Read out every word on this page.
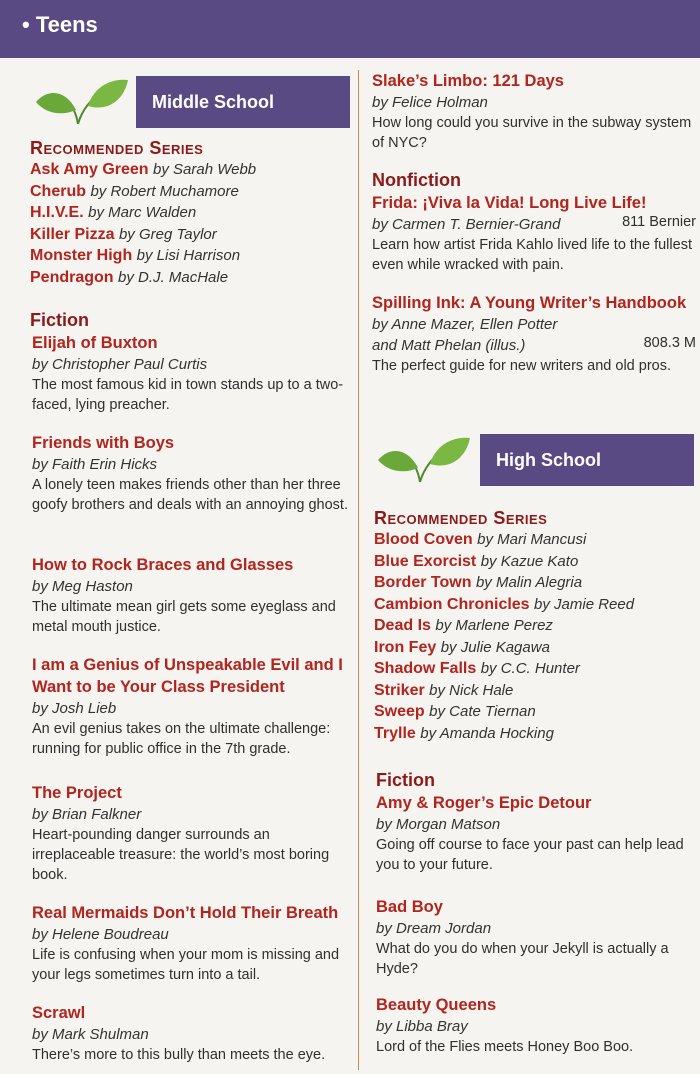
• Teens
Middle School
Recommended Series
Ask Amy Green by Sarah Webb
Cherub by Robert Muchamore
H.I.V.E. by Marc Walden
Killer Pizza by Greg Taylor
Monster High by Lisi Harrison
Pendragon by D.J. MacHale
Fiction
Elijah of Buxton
by Christopher Paul Curtis
The most famous kid in town stands up to a two-faced, lying preacher.
Friends with Boys
by Faith Erin Hicks
A lonely teen makes friends other than her three goofy brothers and deals with an annoying ghost.
How to Rock Braces and Glasses
by Meg Haston
The ultimate mean girl gets some eyeglass and metal mouth justice.
I am a Genius of Unspeakable Evil and I Want to be Your Class President
by Josh Lieb
An evil genius takes on the ultimate challenge: running for public office in the 7th grade.
The Project
by Brian Falkner
Heart-pounding danger surrounds an irreplaceable treasure: the world’s most boring book.
Real Mermaids Don’t Hold Their Breath
by Helene Boudreau
Life is confusing when your mom is missing and your legs sometimes turn into a tail.
Scrawl
by Mark Shulman
There’s more to this bully than meets the eye.
Slake’s Limbo: 121 Days
by Felice Holman
How long could you survive in the subway system of NYC?
Nonfiction
Frida: ¡Viva la Vida! Long Live Life!
by Carmen T. Bernier-Grand	811 Bernier
Learn how artist Frida Kahlo lived life to the fullest even while wracked with pain.
Spilling Ink: A Young Writer’s Handbook
by Anne Mazer, Ellen Potter
and Matt Phelan (illus.)	808.3 M
The perfect guide for new writers and old pros.
High School
Recommended Series
Blood Coven by Mari Mancusi
Blue Exorcist by Kazue Kato
Border Town by Malin Alegria
Cambion Chronicles by Jamie Reed
Dead Is by Marlene Perez
Iron Fey by Julie Kagawa
Shadow Falls by C.C. Hunter
Striker by Nick Hale
Sweep by Cate Tiernan
Trylle by Amanda Hocking
Fiction
Amy & Roger’s Epic Detour
by Morgan Matson
Going off course to face your past can help lead you to your future.
Bad Boy
by Dream Jordan
What do you do when your Jekyll is actually a Hyde?
Beauty Queens
by Libba Bray
Lord of the Flies meets Honey Boo Boo.
